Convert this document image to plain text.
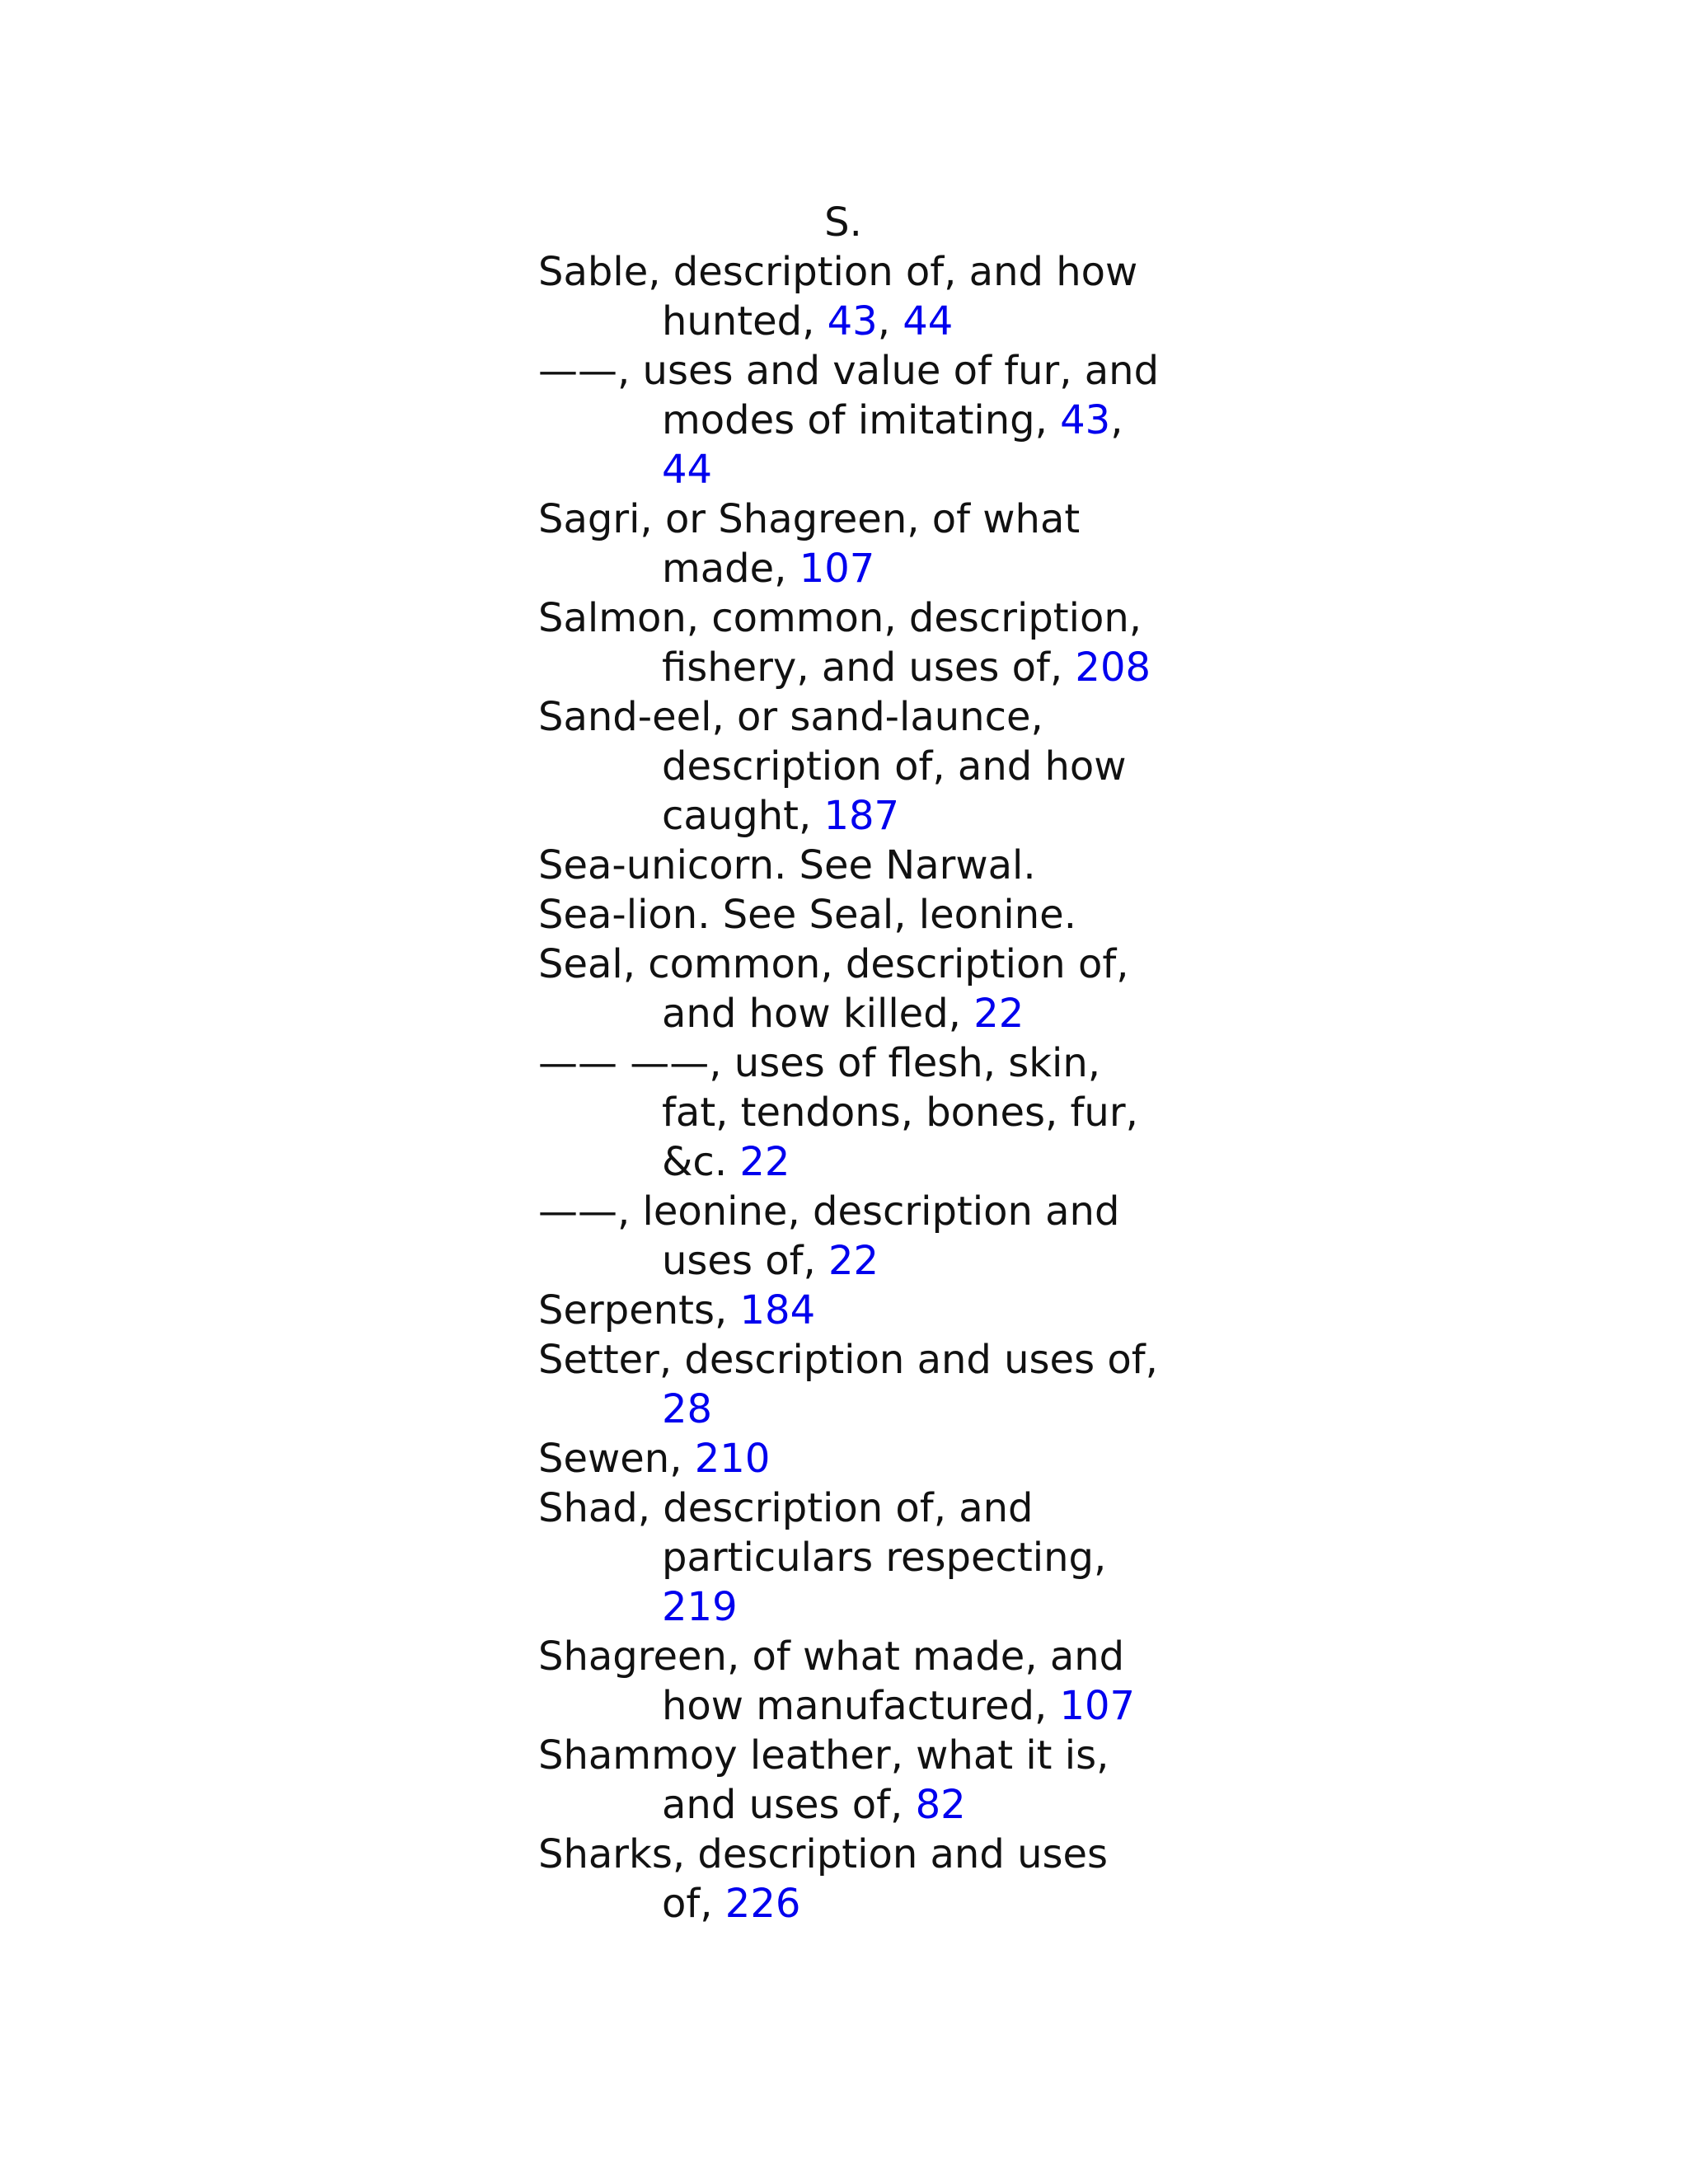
S.

Sable, description of, and how hunted, 43, 44

——, uses and value of fur, and modes of imitating, 43, 44

Sagri, or Shagreen, of what made, 107

Salmon, common, description, fishery, and uses of, 208

Sand-eel, or sand-launce, description of, and how caught, 187

Sea-unicorn. See Narwal.

Sea-lion. See Seal, leonine.

Seal, common, description of, and how killed, 22

—— ——, uses of flesh, skin, fat, tendons, bones, fur, &c. 22

——, leonine, description and uses of, 22

Serpents, 184

Setter, description and uses of, 28

Sewen, 210

Shad, description of, and particulars respecting, 219

Shagreen, of what made, and how manufactured, 107

Shammoy leather, what it is, and uses of, 82

Sharks, description and uses of, 226
